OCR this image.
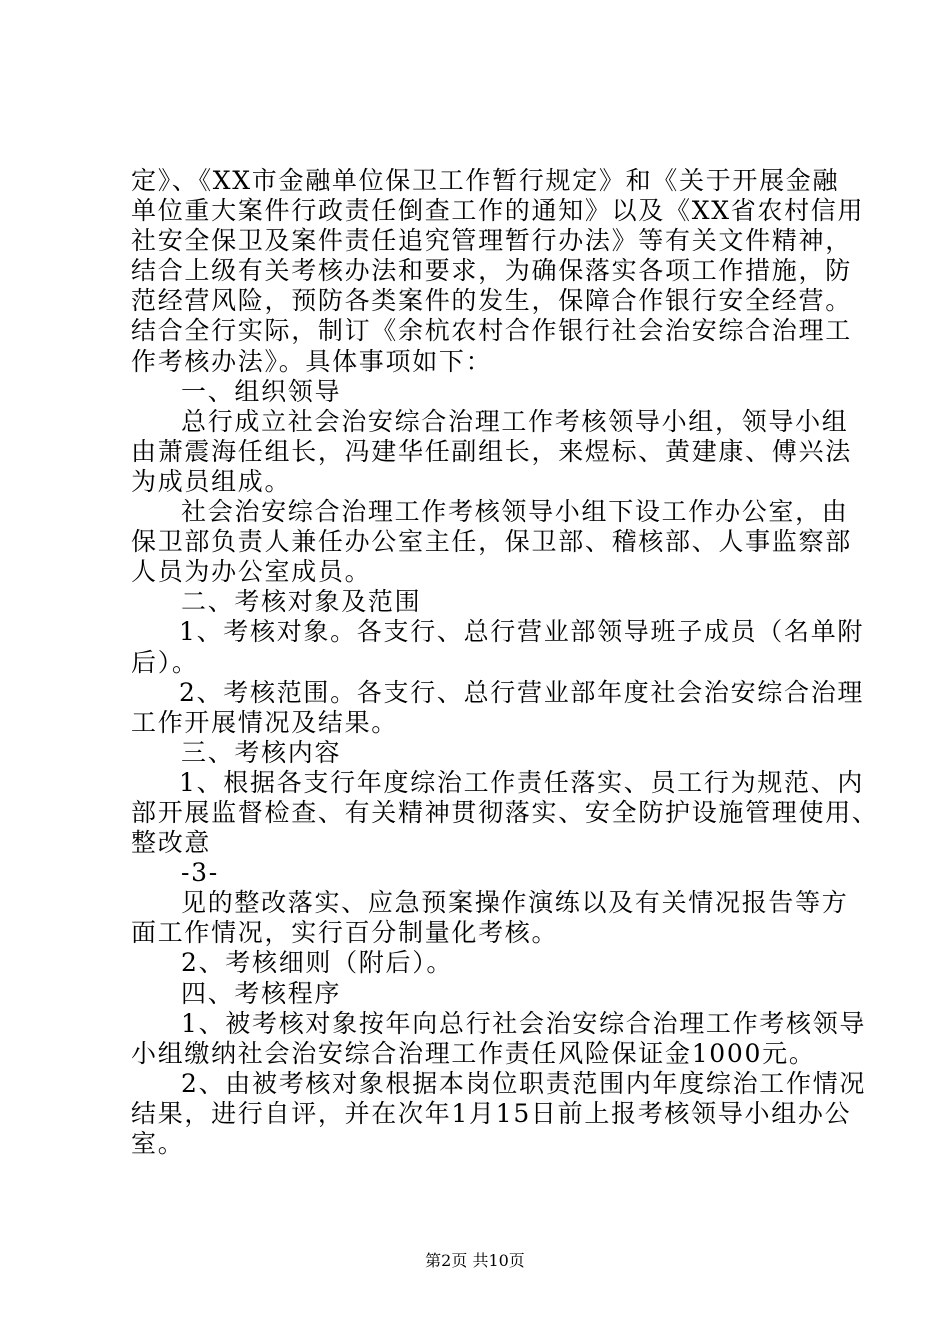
定》、《XX市金融单位保卫工作暂行规定》和《关于开展金融
单位重大案件行政责任倒查工作的通知》以及《XX省农村信用
社安全保卫及案件责任追究管理暂行办法》等有关文件精神，
结合上级有关考核办法和要求，为确保落实各项工作措施，防
范经营风险，预防各类案件的发生，保障合作银行安全经营。
结合全行实际，制订《余杭农村合作银行社会治安综合治理工
作考核办法》。具体事项如下：
一、组织领导
总行成立社会治安综合治理工作考核领导小组，领导小组
由萧震海任组长，冯建华任副组长，来煜标、黄建康、傅兴法
为成员组成。
社会治安综合治理工作考核领导小组下设工作办公室，由
保卫部负责人兼任办公室主任，保卫部、稽核部、人事监察部
人员为办公室成员。
二、考核对象及范围
1、考核对象。各支行、总行营业部领导班子成员（名单附
后）。
2、考核范围。各支行、总行营业部年度社会治安综合治理
工作开展情况及结果。
三、考核内容
1、根据各支行年度综治工作责任落实、员工行为规范、内
部开展监督检查、有关精神贯彻落实、安全防护设施管理使用、
整改意
-3-
见的整改落实、应急预案操作演练以及有关情况报告等方
面工作情况，实行百分制量化考核。
2、考核细则（附后）。
四、考核程序
1、被考核对象按年向总行社会治安综合治理工作考核领导
小组缴纳社会治安综合治理工作责任风险保证金1000元。
2、由被考核对象根据本岗位职责范围内年度综治工作情况
结果，进行自评，并在次年1月15日前上报考核领导小组办公
室。
第2页 共10页
